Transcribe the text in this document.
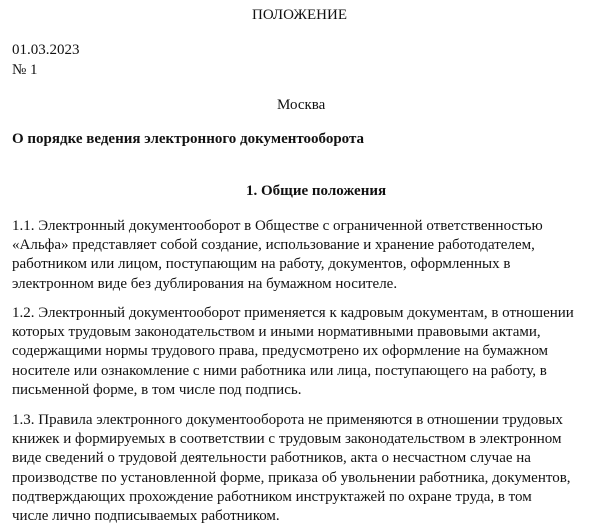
ПОЛОЖЕНИЕ
01.03.2023
№ 1
Москва
О порядке ведения электронного документооборота
1. Общие положения
1.1. Электронный документооборот в Обществе с ограниченной ответственностью
«Альфа» представляет собой создание, использование и хранение работодателем,
работником или лицом, поступающим на работу, документов, оформленных в
электронном виде без дублирования на бумажном носителе.
1.2. Электронный документооборот применяется к кадровым документам, в отношении
которых трудовым законодательством и иными нормативными правовыми актами,
содержащими нормы трудового права, предусмотрено их оформление на бумажном
носителе или ознакомление с ними работника или лица, поступающего на работу, в
письменной форме, в том числе под подпись.
1.3. Правила электронного документооборота не применяются в отношении трудовых
книжек и формируемых в соответствии с трудовым законодательством в электронном
виде сведений о трудовой деятельности работников, акта о несчастном случае на
производстве по установленной форме, приказа об увольнении работника, документов,
подтверждающих прохождение работником инструктажей по охране труда, в том
числе лично подписываемых работником.
